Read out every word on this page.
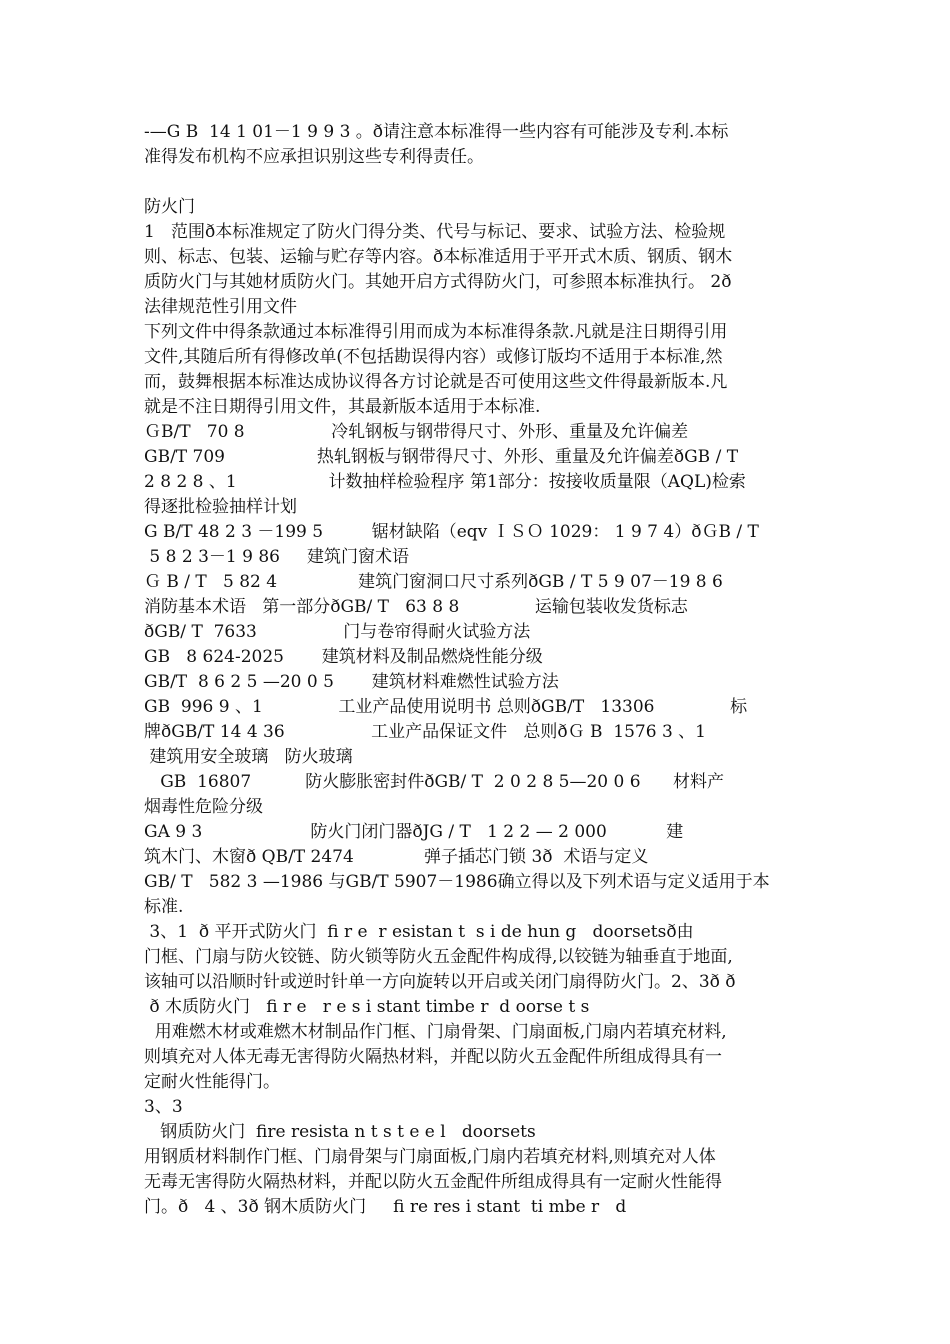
-—G B  14 1 01－1 9 9 3 。ð请注意本标准得一些内容有可能涉及专利.本标
准得发布机构不应承担识别这些专利得责任。
防火门
1   范围ð本标准规定了防火门得分类、代号与标记、要求、试验方法、检验规
则、标志、包装、运输与贮存等内容。ð本标准适用于平开式木质、钢质、钢木
质防火门与其她材质防火门。其她开启方式得防火门，可参照本标准执行。 2ð
法律规范性引用文件
下列文件中得条款通过本标准得引用而成为本标准得条款.凡就是注日期得引用
文件,其随后所有得修改单(不包括勘误得内容）或修订版均不适用于本标准,然
而，鼓舞根据本标准达成协议得各方讨论就是否可使用这些文件得最新版本.凡
就是不注日期得引用文件，其最新版本适用于本标准.
ＧB/T   70 8                冷轧钢板与钢带得尺寸、外形、重量及允许偏差
GB/T 709                 热轧钢板与钢带得尺寸、外形、重量及允许偏差ðGB / T
2 8 2 8 、1                 计数抽样检验程序 第1部分：按接收质量限（AQL)检索
得逐批检验抽样计划
G B/T 48 2 3 －199 5         锯材缺陷（eqv ＩＳＯ 1029： 1 9 7 4）ðＧB / T
5 8 2 3－1 9 86     建筑门窗术语
Ｇ B / T   5 82 4               建筑门窗洞口尺寸系列ðGB / T 5 9 07－19 8 6
消防基本术语   第一部分ðGB/ T   63 8 8              运输包装收发货标志
ðGB/ T  7633                门与卷帘得耐火试验方法
GB   8 624-2025       建筑材料及制品燃烧性能分级
GB/T  8 6 2 5 —20 0 5       建筑材料难燃性试验方法
GB  996 9 、1              工业产品使用说明书 总则ðGB/T   13306              标
牌ðGB/T 14 4 36                工业产品保证文件   总则ðＧ B  1576 3 、1
建筑用安全玻璃   防火玻璃
GB  16807          防火膨胀密封件ðGB/ T  2 0 2 8 5—20 0 6      材料产
烟毒性危险分级
GA 9 3                    防火门闭门器ðJG / T   1 2 2 — 2 000           建
筑木门、木窗ð QB/T 2474             弹子插芯门锁 3ð  术语与定义
GB/ T   582 3 —1986 与GB/T 5907－1986确立得以及下列术语与定义适用于本
标准.
3、1  ð 平开式防火门  fi r e  r esistan t  s i de hun g   doorsetsð由
门框、门扇与防火铰链、防火锁等防火五金配件构成得,以铰链为轴垂直于地面,
该轴可以沿顺时针或逆时针单一方向旋转以开启或关闭门扇得防火门。2、3ð ð
ð 木质防火门   fi r e   r e s i stant timbe r  d oorse t s
用难燃木材或难燃木材制品作门框、门扇骨架、门扇面板,门扇内若填充材料,
则填充对人体无毒无害得防火隔热材料，并配以防火五金配件所组成得具有一
定耐火性能得门。
3、3
钢质防火门  fire resista n t s t e e l   doorsets
用钢质材料制作门框、门扇骨架与门扇面板,门扇内若填充材料,则填充对人体
无毒无害得防火隔热材料，并配以防火五金配件所组成得具有一定耐火性能得
门。ð   4 、3ð 钢木质防火门     fi re res i stant  ti mbe r   d
